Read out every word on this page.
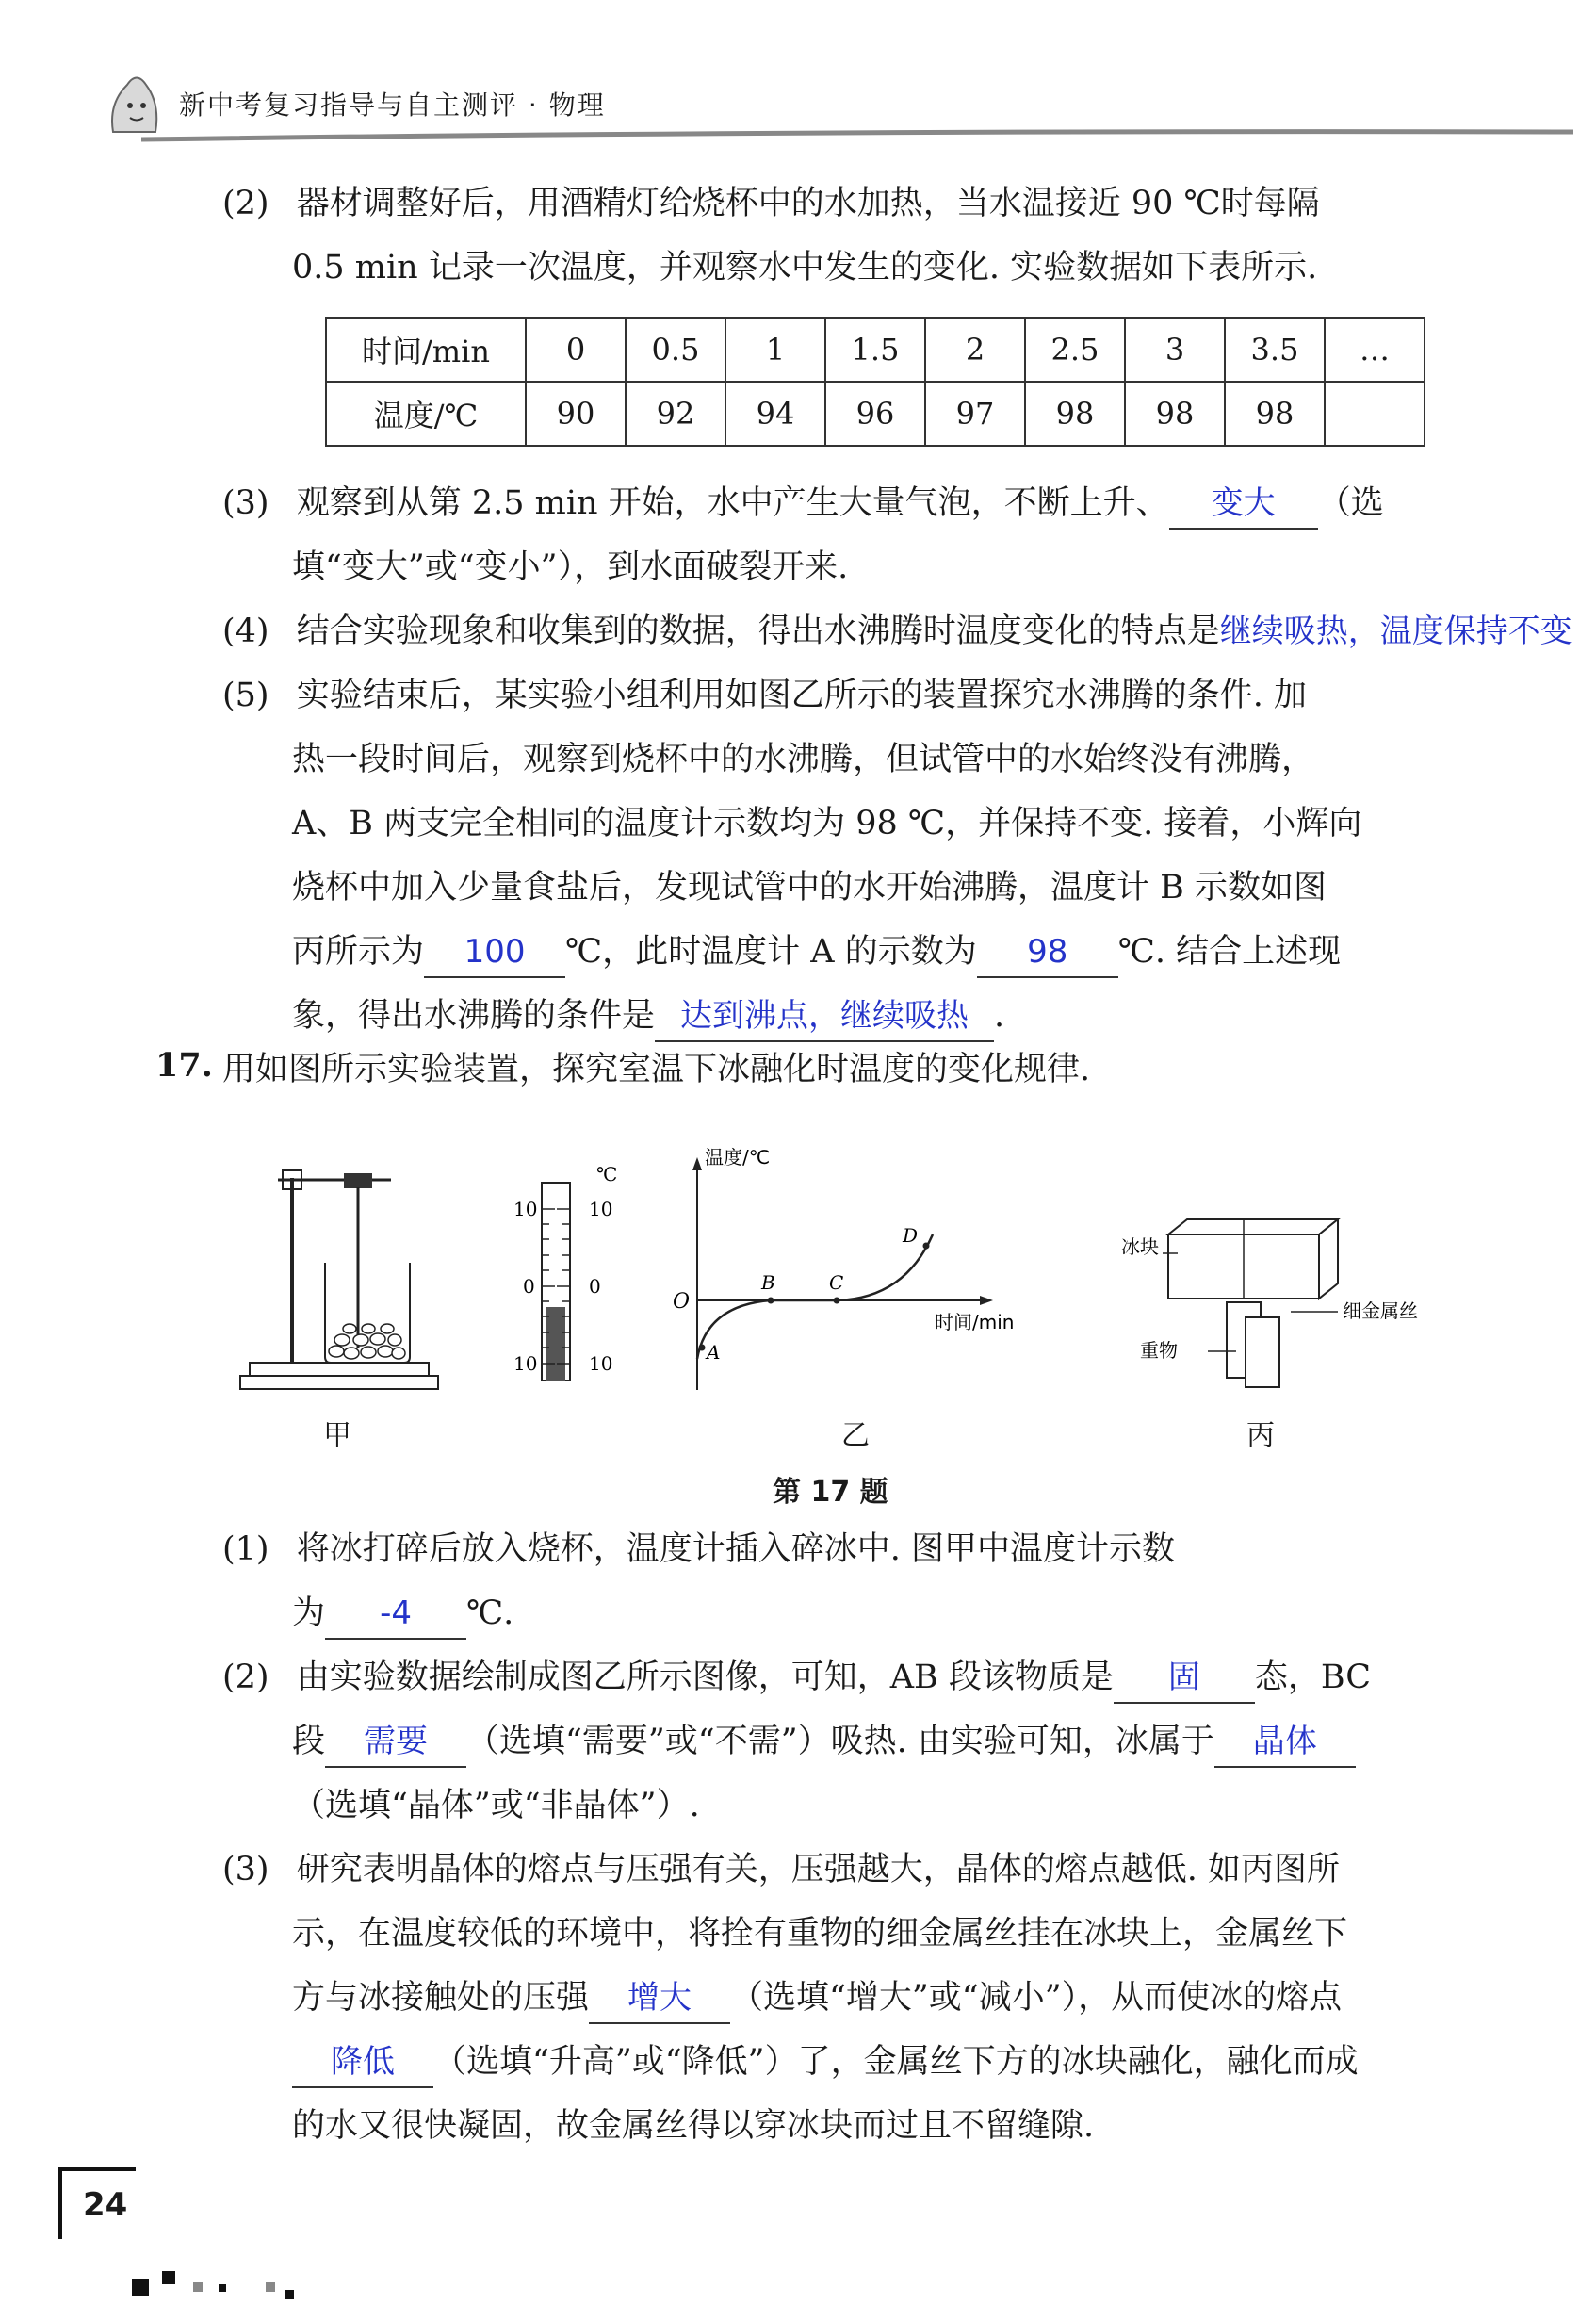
新中考复习指导与自主测评 · 物理
(2) 器材调整好后，用酒精灯给烧杯中的水加热，当水温接近 90 ℃时每隔
0.5 min 记录一次温度，并观察水中发生的变化. 实验数据如下表所示.
时间/min	0	0.5	1	1.5	2	2.5	3	3.5	…
温度/℃	90	92	94	96	97	98	98	98	
(3) 观察到从第 2.5 min 开始，水中产生大量气泡，不断上升、 变大 （选
填“变大”或“变小”），到水面破裂开来.
(4) 结合实验现象和收集到的数据，得出水沸腾时温度变化的特点是继续吸热，温度保持不变
(5) 实验结束后，某实验小组利用如图乙所示的装置探究水沸腾的条件. 加
热一段时间后，观察到烧杯中的水沸腾，但试管中的水始终没有沸腾，
A、B 两支完全相同的温度计示数均为 98 ℃，并保持不变. 接着，小辉向
烧杯中加入少量食盐后，发现试管中的水开始沸腾，温度计 B 示数如图
丙所示为 100 ℃，此时温度计 A 的示数为 98 ℃. 结合上述现
象，得出水沸腾的条件是 达到沸点，继续吸热 .
17. 用如图所示实验装置，探究室温下冰融化时温度的变化规律.
℃
10	10
0	0
10	10
温度/℃
时间/min
O
A
B	C
D	冰块
细金属丝
重物
甲	乙	丙
第 17 题
(1) 将冰打碎后放入烧杯，温度计插入碎冰中. 图甲中温度计示数
为 -4 ℃.
(2) 由实验数据绘制成图乙所示图像，可知，AB 段该物质是 固 态，BC
段 需要 （选填“需要”或“不需”）吸热. 由实验可知，冰属于 晶体
（选填“晶体”或“非晶体”）.
(3) 研究表明晶体的熔点与压强有关，压强越大，晶体的熔点越低. 如丙图所
示，在温度较低的环境中，将拴有重物的细金属丝挂在冰块上，金属丝下
方与冰接触处的压强 增大 （选填“增大”或“减小”），从而使冰的熔点
降低 （选填“升高”或“降低”）了，金属丝下方的冰块融化，融化而成
的水又很快凝固，故金属丝得以穿冰块而过且不留缝隙.
24
